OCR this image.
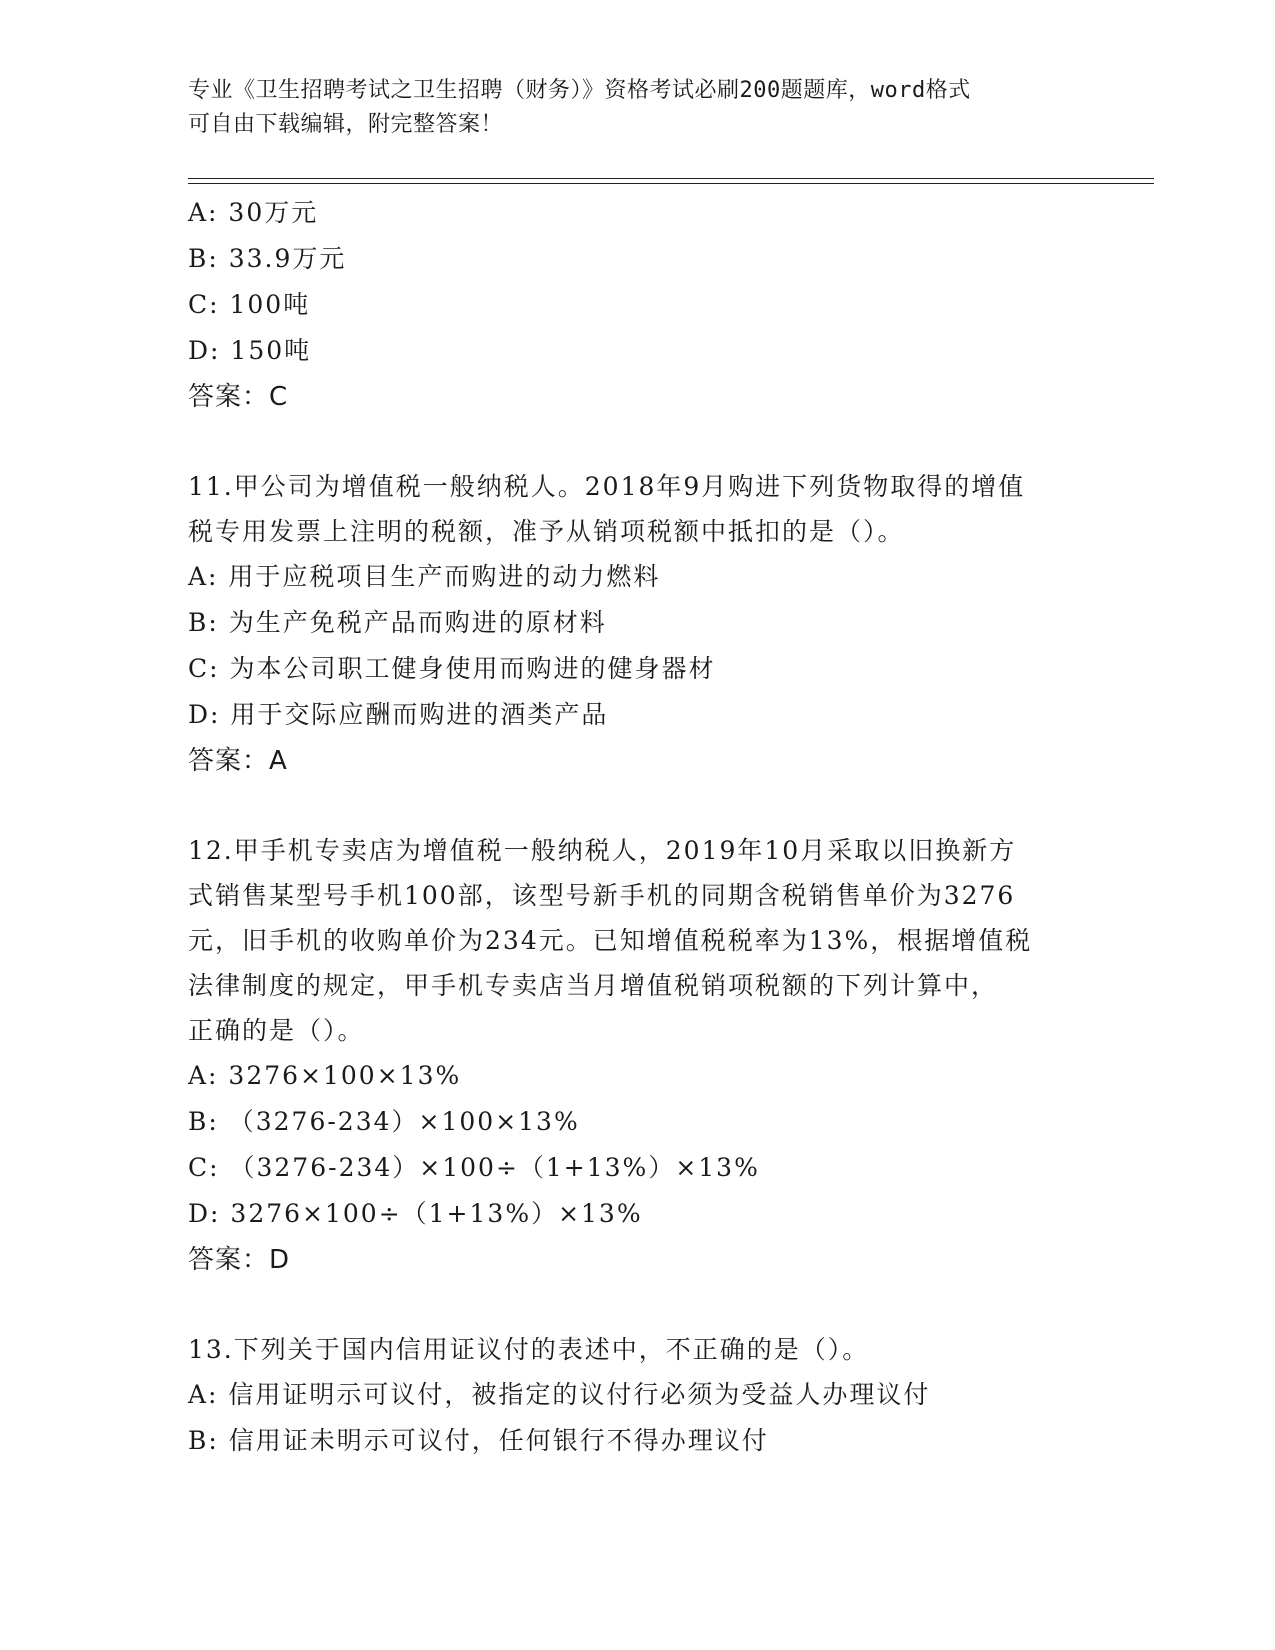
专业《卫生招聘考试之卫生招聘（财务）》资格考试必刷200题题库，word格式
可自由下载编辑，附完整答案！
A: 30万元
B: 33.9万元
C: 100吨
D: 150吨
答案：C
11.甲公司为增值税一般纳税人。2018年9月购进下列货物取得的增值
税专用发票上注明的税额，准予从销项税额中抵扣的是（）。
A: 用于应税项目生产而购进的动力燃料
B: 为生产免税产品而购进的原材料
C: 为本公司职工健身使用而购进的健身器材
D: 用于交际应酬而购进的酒类产品
答案：A
12.甲手机专卖店为增值税一般纳税人，2019年10月采取以旧换新方
式销售某型号手机100部，该型号新手机的同期含税销售单价为3276
元，旧手机的收购单价为234元。已知增值税税率为13%，根据增值税
法律制度的规定，甲手机专卖店当月增值税销项税额的下列计算中，
正确的是（）。
A: 3276×100×13%
B: （3276-234）×100×13%
C: （3276-234）×100÷（1+13%）×13%
D: 3276×100÷（1+13%）×13%
答案：D
13.下列关于国内信用证议付的表述中，不正确的是（）。
A: 信用证明示可议付，被指定的议付行必须为受益人办理议付
B: 信用证未明示可议付，任何银行不得办理议付
